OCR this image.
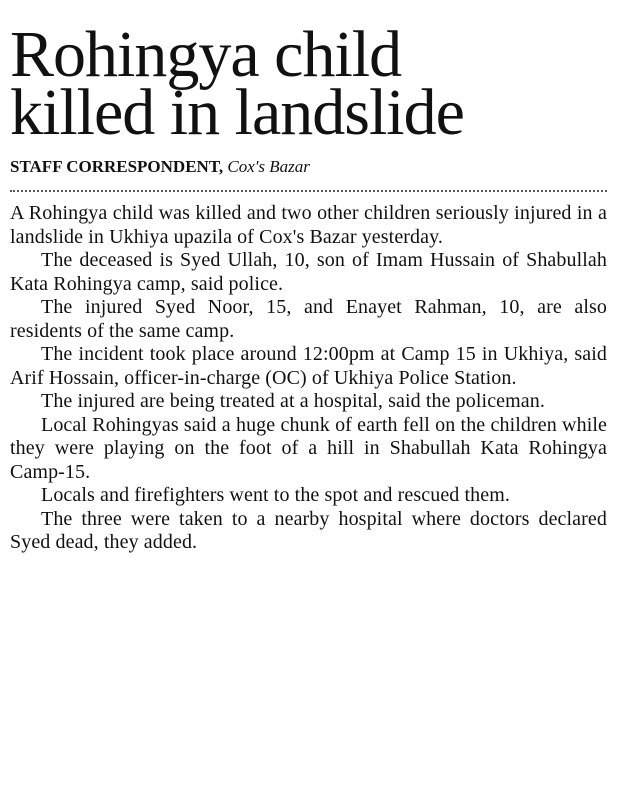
Rohingya child
killed in landslide
STAFF CORRESPONDENT, Cox's Bazar

A Rohingya child was killed and two other children seriously injured in a landslide in Ukhiya upazila of Cox's Bazar yesterday.

The deceased is Syed Ullah, 10, son of Imam Hussain of Shabullah Kata Rohingya camp, said police.

The injured Syed Noor, 15, and Enayet Rahman, 10, are also residents of the same camp.

The incident took place around 12:00pm at Camp 15 in Ukhiya, said Arif Hossain, officer-in-charge (OC) of Ukhiya Police Station.

The injured are being treated at a hospital, said the policeman.

Local Rohingyas said a huge chunk of earth fell on the children while they were playing on the foot of a hill in Shabullah Kata Rohingya Camp-15.

Locals and firefighters went to the spot and rescued them.

The three were taken to a nearby hospital where doctors declared Syed dead, they added.
